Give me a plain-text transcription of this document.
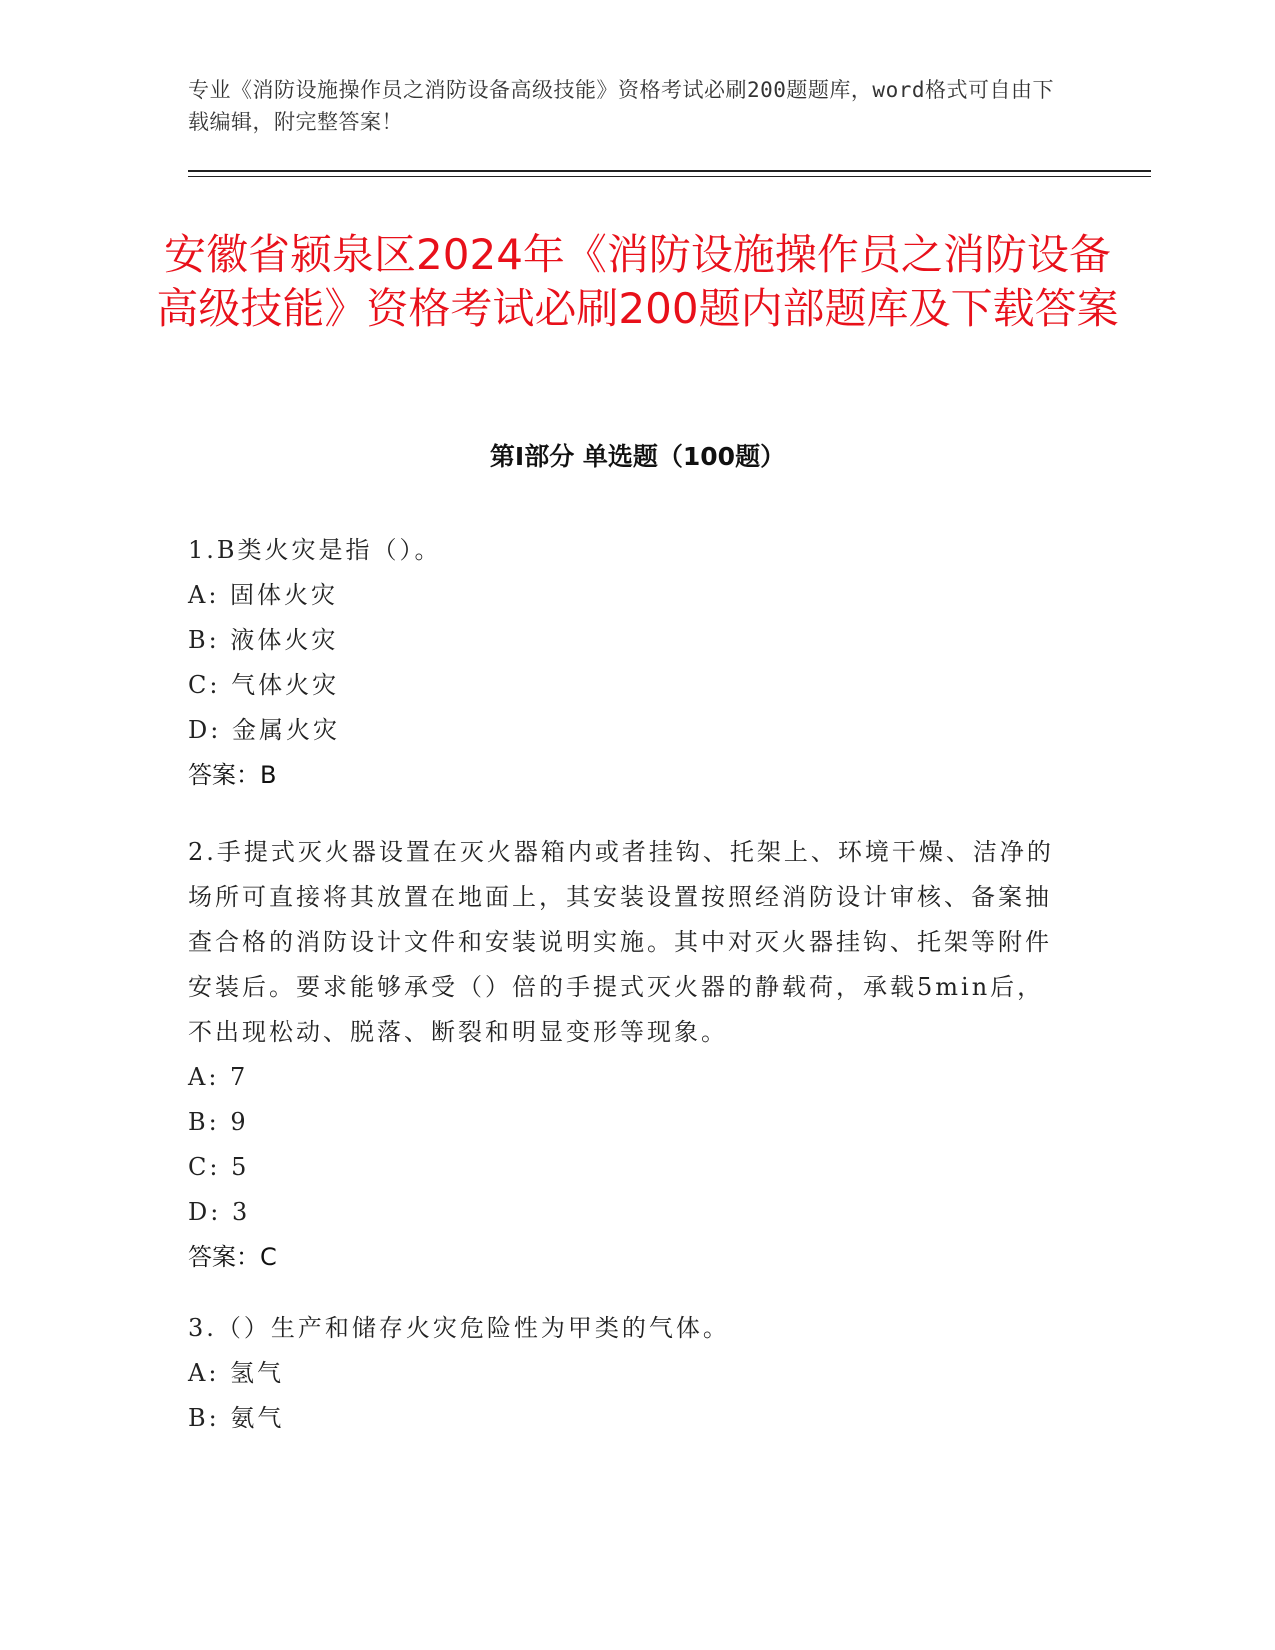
专业《消防设施操作员之消防设备高级技能》资格考试必刷200题题库，word格式可自由下载编辑，附完整答案！
安徽省颍泉区2024年《消防设施操作员之消防设备高级技能》资格考试必刷200题内部题库及下载答案
第Ⅰ部分 单选题（100题）
1.B类火灾是指（）。
A: 固体火灾
B: 液体火灾
C: 气体火灾
D: 金属火灾
答案：B
2.手提式灭火器设置在灭火器箱内或者挂钩、托架上、环境干燥、洁净的场所可直接将其放置在地面上，其安装设置按照经消防设计审核、备案抽查合格的消防设计文件和安装说明实施。其中对灭火器挂钩、托架等附件安装后。要求能够承受（）倍的手提式灭火器的静载荷，承载5min后，不出现松动、脱落、断裂和明显变形等现象。
A: 7
B: 9
C: 5
D: 3
答案：C
3.（）生产和储存火灾危险性为甲类的气体。
A: 氢气
B: 氨气
